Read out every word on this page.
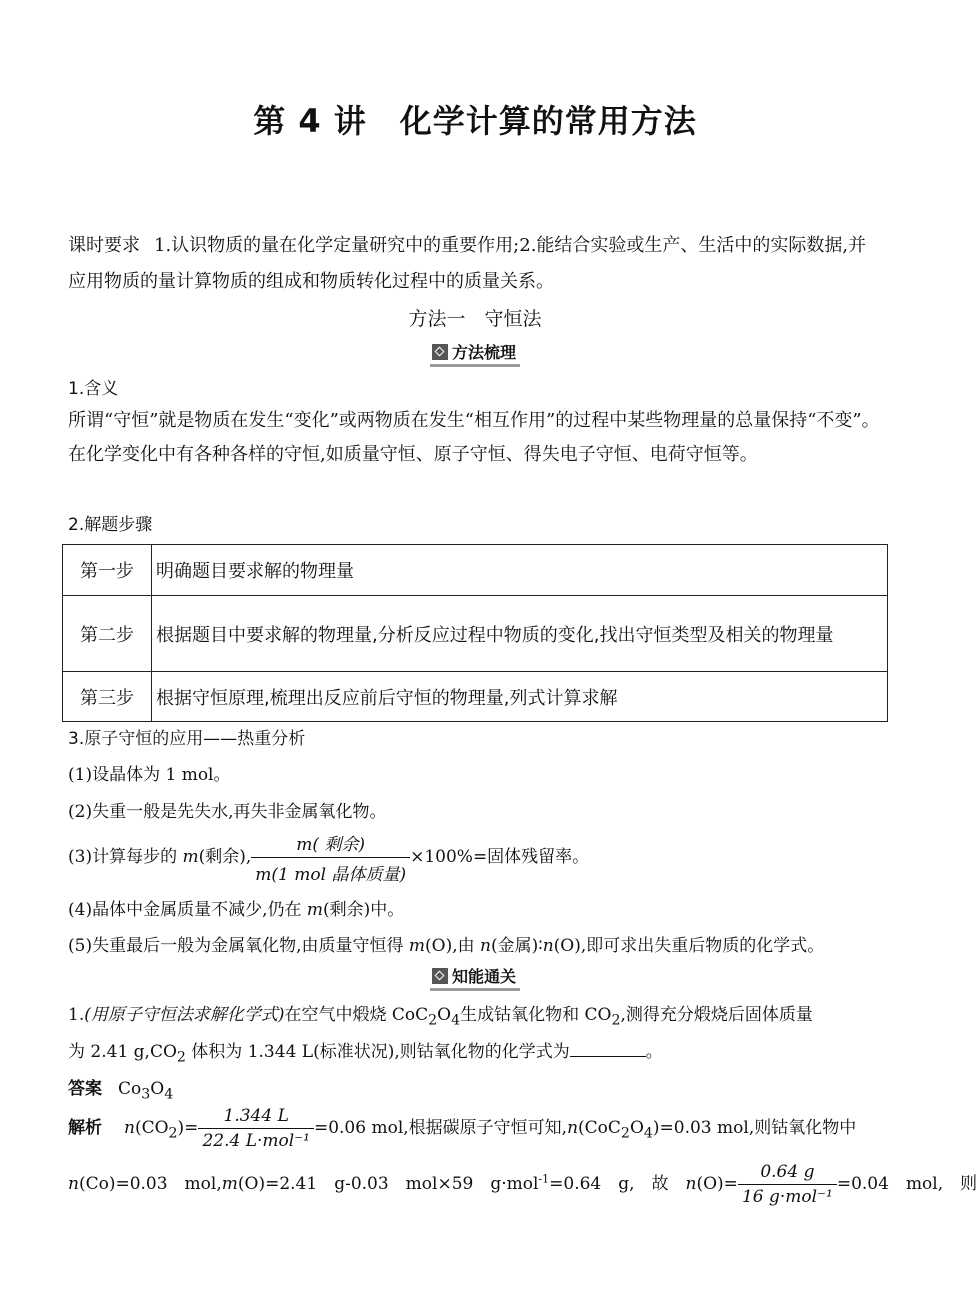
第 4 讲　化学计算的常用方法
课时要求 1.认识物质的量在化学定量研究中的重要作用;2.能结合实验或生产、生活中的实际数据,并应用物质的量计算物质的组成和物质转化过程中的质量关系。
方法一　守恒法
方法梳理
1.含义
所谓“守恒”就是物质在发生“变化”或两物质在发生“相互作用”的过程中某些物理量的总量保持“不变”。在化学变化中有各种各样的守恒,如质量守恒、原子守恒、得失电子守恒、电荷守恒等。
2.解题步骤
第一步	明确题目要求解的物理量
第二步	根据题目中要求解的物理量,分析反应过程中物质的变化,找出守恒类型及相关的物理量
第三步	根据守恒原理,梳理出反应前后守恒的物理量,列式计算求解
3.原子守恒的应用——热重分析
(1)设晶体为 1 mol。
(2)失重一般是先失水,再失非金属氧化物。
(3)计算每步的 m(剩余), $\frac{\text{m( 剩余)}}{\text{m(1 mol 晶体质量)}} \times 100\%=$固体残留率。
(4)晶体中金属质量不减少,仍在 m(剩余)中。
(5)失重最后一般为金属氧化物,由质量守恒得 m(O),由 n(金属)∶n(O),即可求出失重后物质的化学式。
知能通关
1.(用原子守恒法求解化学式)在空气中煅烧 $CoC_2O_4$生成钴氧化物和 $CO_2$,测得充分煅烧后固体质量
为 2.41 $g,CO_2$ 体积为 1.344 L(标准状况),则钴氧化物的化学式为	。
答案 $Co_3O_4$
解析 $n(CO_2)= \frac{1.344 L}{\text{22.4 L·mol⁻¹}} =0.06$ mol,根据碳原子守恒可知$,n(CoC_2O_4)=0.03$ mol,则钴氧化物中
n(Co)=0.03　mol,m(O)=2.41　g-0.03　mol×59　g·mol$^{-1}$=0.64　g,　故　$n(O)= \frac{0.64 g}{\text{16 g·mol⁻¹}} =0.04$　mol,　则
